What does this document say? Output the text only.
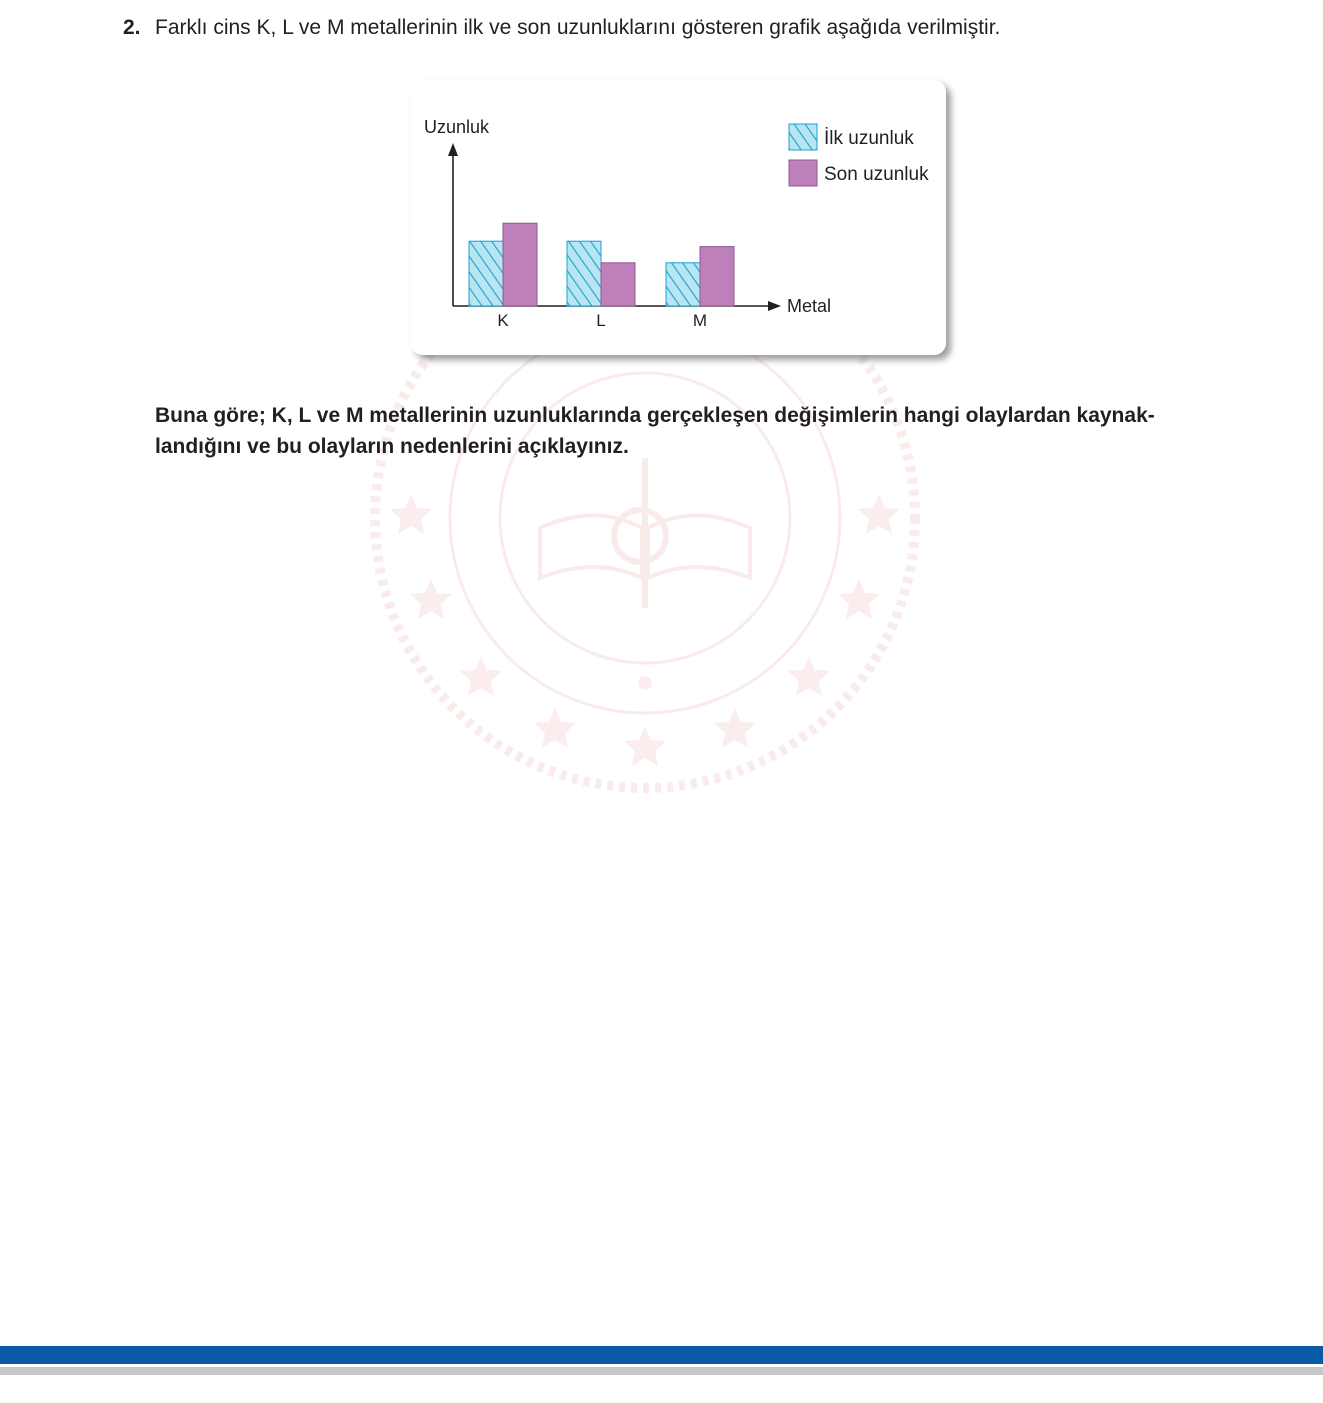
2. Farklı cins K, L ve M metallerinin ilk ve son uzunluklarını gösteren grafik aşağıda verilmiştir.
Uzunluk
Metal
K	L	M
İlk uzunluk
Son uzunluk
Buna göre; K, L ve M metallerinin uzunluklarında gerçekleşen değişimlerin hangi olaylardan kaynak-
landığını ve bu olayların nedenlerini açıklayınız.
